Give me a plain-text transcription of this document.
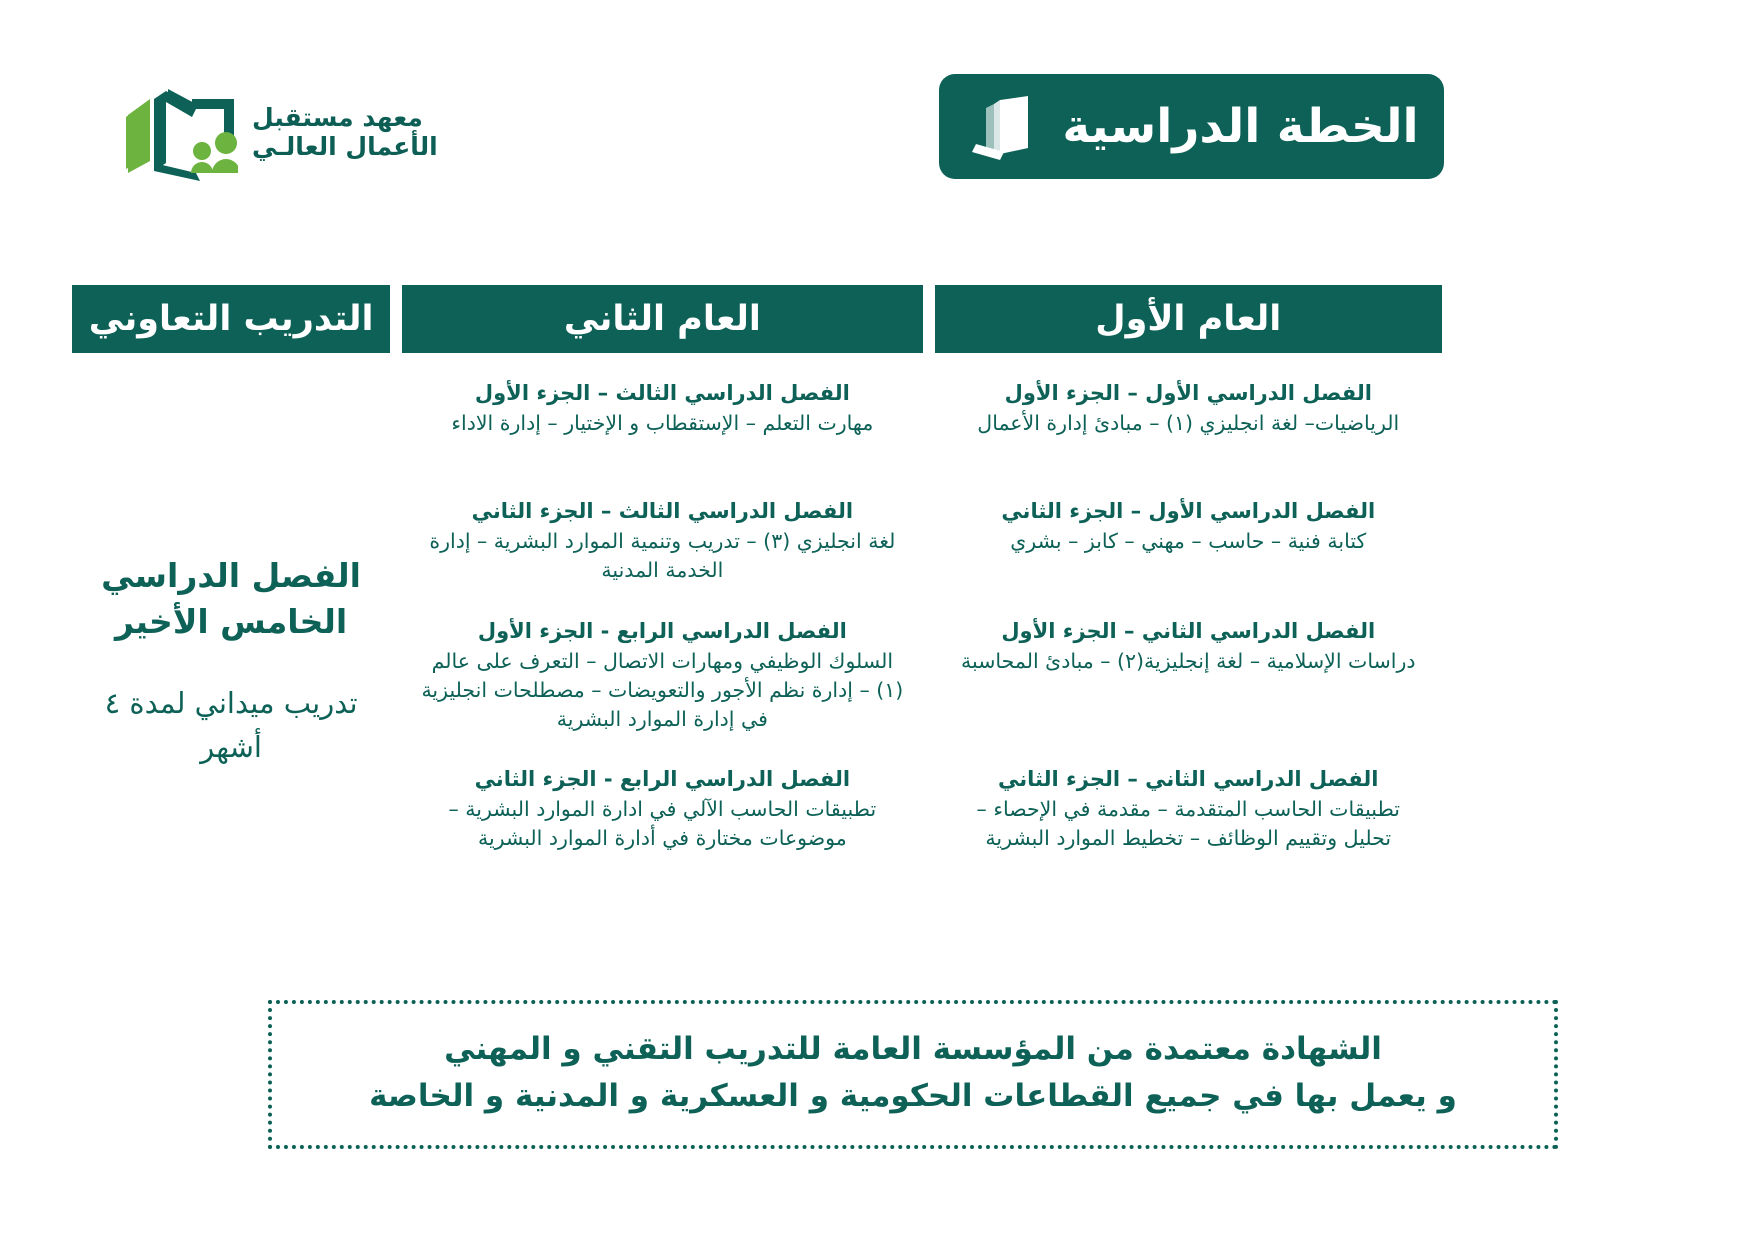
معهد مستقبل
الأعمال العالـي	الخطة الدراسية
العام الأول
العام الثاني
التدريب التعاوني
الفصل الدراسي الأول – الجزء الأول
الرياضيات– لغة انجليزي (١) – مبادئ إدارة الأعمال
الفصل الدراسي الأول – الجزء الثاني
كتابة فنية – حاسب – مهني – كابز – بشري
الفصل الدراسي الثاني – الجزء الأول
دراسات الإسلامية – لغة إنجليزية(٢) – مبادئ المحاسبة
الفصل الدراسي الثاني – الجزء الثاني
تطبيقات الحاسب المتقدمة – مقدمة في الإحصاء – تحليل وتقييم الوظائف – تخطيط الموارد البشرية
الفصل الدراسي الثالث – الجزء الأول
مهارت التعلم – الإستقطاب و الإختيار – إدارة الاداء
الفصل الدراسي الثالث – الجزء الثاني
لغة انجليزي (٣) – تدريب وتنمية الموارد البشرية – إدارة الخدمة المدنية
الفصل الدراسي الرابع - الجزء الأول
السلوك الوظيفي ومهارات الاتصال – التعرف على عالم (١) – إدارة نظم الأجور والتعويضات – مصطلحات انجليزية في إدارة الموارد البشرية
الفصل الدراسي الرابع - الجزء الثاني
تطبيقات الحاسب الآلي في ادارة الموارد البشرية – موضوعات مختارة في أدارة الموارد البشرية
الفصل الدراسي الخامس الأخير
تدريب ميداني لمدة ٤ أشهر
الشهادة معتمدة من المؤسسة العامة للتدريب التقني و المهني
و يعمل بها في جميع القطاعات الحكومية و العسكرية و المدنية و الخاصة
